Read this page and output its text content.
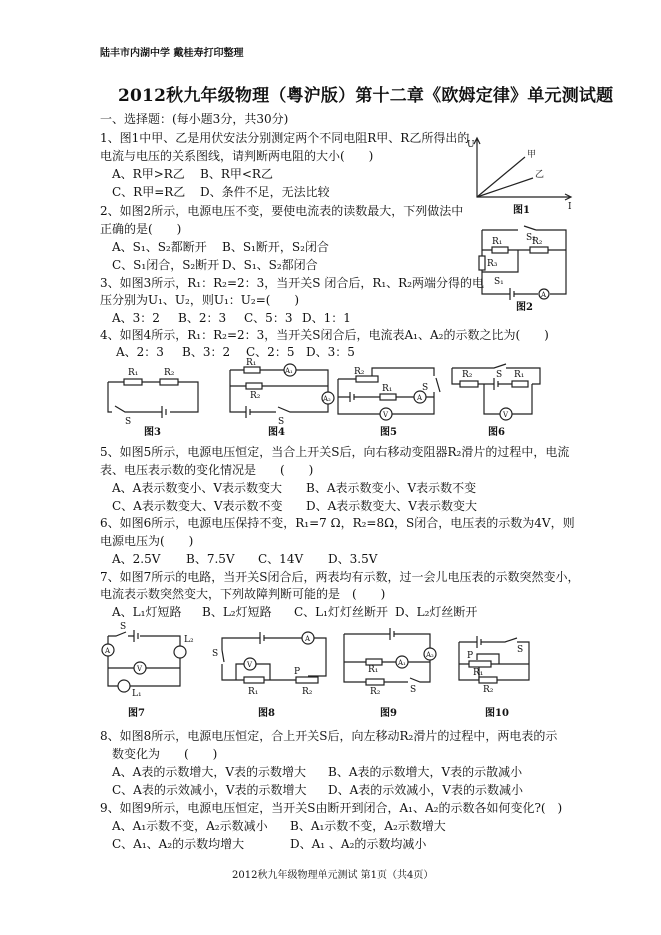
陆丰市内湖中学 戴桂寿打印整理
2012秋九年级物理（粤沪版）第十二章《欧姆定律》单元测试题
一、选择题：(每小题3分，共30分)
1、图1中甲、乙是用伏安法分别测定两个不同电阻R甲、R乙所得出的
电流与电压的关系图线，请判断两电阻的大小(　　)
A、R甲>R乙 B、R甲<R乙
C、R甲=R乙 D、条件不足，无法比较
2、如图2所示，电源电压不变，要使电流表的读数最大，下列做法中
正确的是(　　)
A、S₁、S₂都断开 B、S₁断开，S₂闭合
C、S₁闭合，S₂断开 D、S₁、S₂都闭合
3、如图3所示，R₁：R₂=2：3，当开关S 闭合后，R₁、R₂两端分得的电
压分别为U₁、U₂，则U₁：U₂=(　　)
A、3：2 B、2：3 C、5：3 D、1：1
4、如图4所示，R₁：R₂=2：3，当开关S闭合后，电流表A₁、A₂的示数之比为(　　)
A、2：3 B、3：2 C、2：5 D、3：5
5、如图5所示，电源电压恒定，当合上开关S后，向右移动变阻器R₂滑片的过程中，电流
表、电压表示数的变化情况是　　(　　)
A、A表示数变小、V表示数变大 B、A表示数变小、V表示数不变
C、A表示数变大、V表示数不变 D、A表示数变大、V表示数变大
6、如图6所示，电源电压保持不变，R₁=7 Ω，R₂=8Ω，S闭合，电压表的示数为4V，则
电源电压为(　　)
A、2.5V B、7.5V C、14V D、3.5V
7、如图7所示的电路，当开关S闭合后，两表均有示数，过一会儿电压表的示数突然变小，
电流表示数突然变大，下列故障判断可能的是　(　　)
A、L₁灯短路 B、L₂灯短路 C、L₁灯灯丝断开 D、L₂灯丝断开
8、如图8所示，电源电压恒定，合上开关S后，向左移动R₂滑片的过程中，两电表的示
　数变化为　　(　　)
A、A表的示数增大，V表的示数增大 B、A表的示数增大，V表的示散减小
C、A表的示效减小，V表的示数增大 D、A表的示效减小，V表的示数减小
9、如图9所示，电源电压恒定，当开关S由断开到闭合，A₁、A₂的示数各如何变化?(　)
A、A₁示数不变，A₂示数减小 B、A₁示数不变，A₂示数增大
C、A₁、A₂的示数均增大	D、A₁ 、A₂的示数均减小
2012秋九年级物理单元测试 第1页（共4页）
U
I
甲
乙
图1
A
S₂
R₁	R₂
R₃
S₁
图2
R₁	R₂
S
图3
A₁
A₂
R₁
R₂
S
图4
A
V
R₂
R₁	S
图5
V
R₂	R₁
S
图6
A
V
S
L₂
L₁
图7
A
V
S
P
R₁	R₂
图8
A₁
A₂
R₁
R₂	S
图9
P
R₁
R₂
S
图10
